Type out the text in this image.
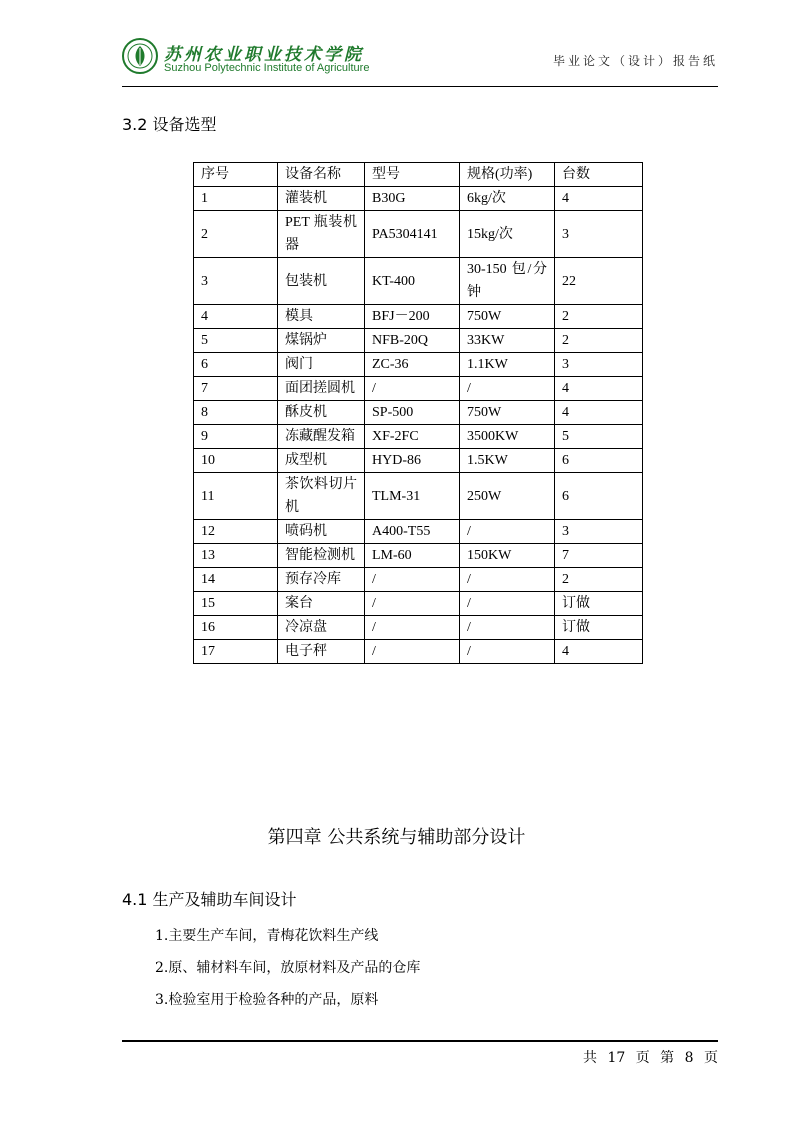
苏州农业职业技术学院
Suzhou Polytechnic Institute of Agriculture	毕业论文（设计）报告纸
3.2 设备选型
序号	设备名称	型号	规格(功率)	台数
1	灌装机	B30G	6kg/次	4
2	PET 瓶装机器	PA5304141	15kg/次	3
3	包装机	KT-400	30-150 包/分钟	22
4	模具	BFJ－200	750W	2
5	煤锅炉	NFB-20Q	33KW	2
6	阀门	ZC-36	1.1KW	3
7	面团搓圆机	/	/	4
8	酥皮机	SP-500	750W	4
9	冻藏醒发箱	XF-2FC	3500KW	5
10	成型机	HYD-86	1.5KW	6
11	茶饮料切片机	TLM-31	250W	6
12	喷码机	A400-T55	/	3
13	智能检测机	LM-60	150KW	7
14	预存冷库	/	/	2
15	案台	/	/	订做
16	冷凉盘	/	/	订做
17	电子秤	/	/	4
第四章 公共系统与辅助部分设计
4.1 生产及辅助车间设计
1.主要生产车间，青梅花饮料生产线
2.原、辅材料车间，放原材料及产品的仓库
3.检验室用于检验各种的产品，原料
共 17 页 第 8 页
